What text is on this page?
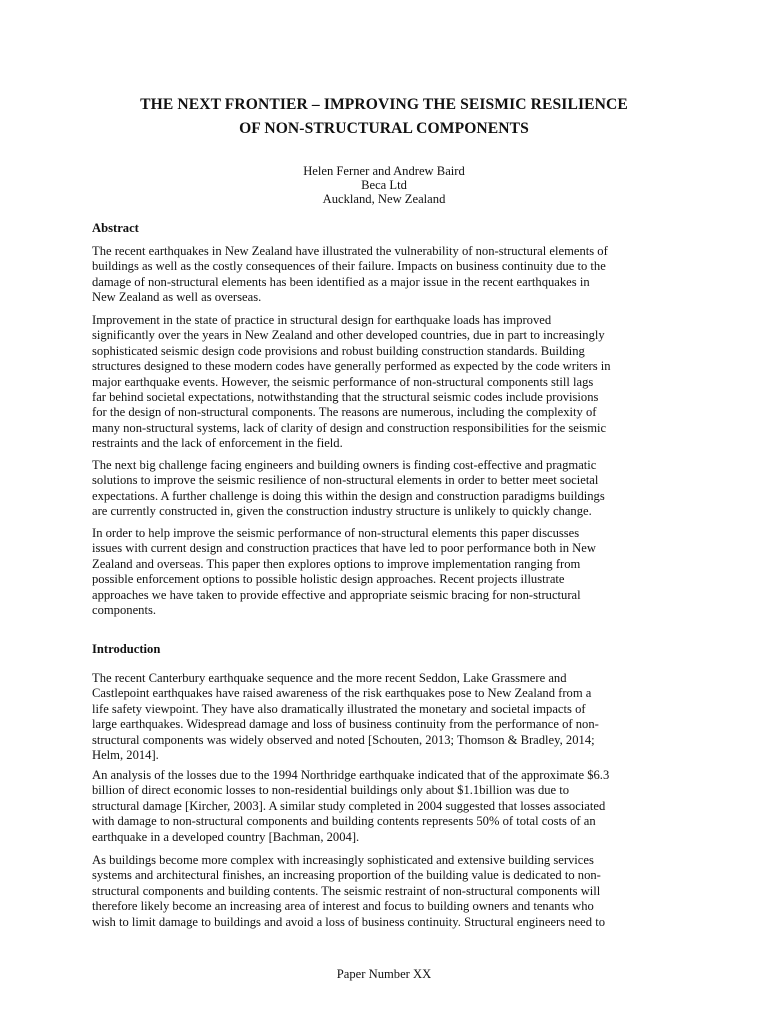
THE NEXT FRONTIER – IMPROVING THE SEISMIC RESILIENCE
OF NON-STRUCTURAL COMPONENTS
Helen Ferner and Andrew Baird
Beca Ltd
Auckland, New Zealand
Abstract
The recent earthquakes in New Zealand have illustrated the vulnerability of non-structural elements of
buildings as well as the costly consequences of their failure. Impacts on business continuity due to the
damage of non-structural elements has been identified as a major issue in the recent earthquakes in
New Zealand as well as overseas.
Improvement in the state of practice in structural design for earthquake loads has improved
significantly over the years in New Zealand and other developed countries, due in part to increasingly
sophisticated seismic design code provisions and robust building construction standards. Building
structures designed to these modern codes have generally performed as expected by the code writers in
major earthquake events. However, the seismic performance of non-structural components still lags
far behind societal expectations, notwithstanding that the structural seismic codes include provisions
for the design of non-structural components. The reasons are numerous, including the complexity of
many non-structural systems, lack of clarity of design and construction responsibilities for the seismic
restraints and the lack of enforcement in the field.
The next big challenge facing engineers and building owners is finding cost-effective and pragmatic
solutions to improve the seismic resilience of non-structural elements in order to better meet societal
expectations. A further challenge is doing this within the design and construction paradigms buildings
are currently constructed in, given the construction industry structure is unlikely to quickly change.
In order to help improve the seismic performance of non-structural elements this paper discusses
issues with current design and construction practices that have led to poor performance both in New
Zealand and overseas. This paper then explores options to improve implementation ranging from
possible enforcement options to possible holistic design approaches. Recent projects illustrate
approaches we have taken to provide effective and appropriate seismic bracing for non-structural
components.
Introduction
The recent Canterbury earthquake sequence and the more recent Seddon, Lake Grassmere and
Castlepoint earthquakes have raised awareness of the risk earthquakes pose to New Zealand from a
life safety viewpoint. They have also dramatically illustrated the monetary and societal impacts of
large earthquakes. Widespread damage and loss of business continuity from the performance of non-
structural components was widely observed and noted [Schouten, 2013; Thomson & Bradley, 2014;
Helm, 2014].
An analysis of the losses due to the 1994 Northridge earthquake indicated that of the approximate $6.3
billion of direct economic losses to non-residential buildings only about $1.1billion was due to
structural damage [Kircher, 2003]. A similar study completed in 2004 suggested that losses associated
with damage to non-structural components and building contents represents 50% of total costs of an
earthquake in a developed country [Bachman, 2004].
As buildings become more complex with increasingly sophisticated and extensive building services
systems and architectural finishes, an increasing proportion of the building value is dedicated to non-
structural components and building contents. The seismic restraint of non-structural components will
therefore likely become an increasing area of interest and focus to building owners and tenants who
wish to limit damage to buildings and avoid a loss of business continuity. Structural engineers need to
Paper Number XX
